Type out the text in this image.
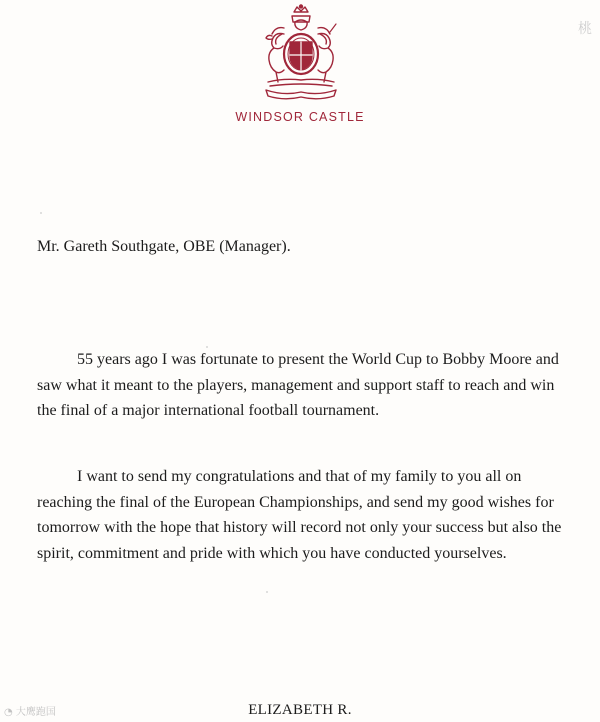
WINDSOR CASTLE
Mr. Gareth Southgate, OBE (Manager).

55 years ago I was fortunate to present the World Cup to Bobby Moore and saw what it meant to the players, management and support staff to reach and win the final of a major international football tournament.

I want to send my congratulations and that of my family to you all on reaching the final of the European Championships, and send my good wishes for tomorrow with the hope that history will record not only your success but also the spirit, commitment and pride with which you have conducted yourselves.

ELIZABETH R.
◔ 大鹰跑国
桃
